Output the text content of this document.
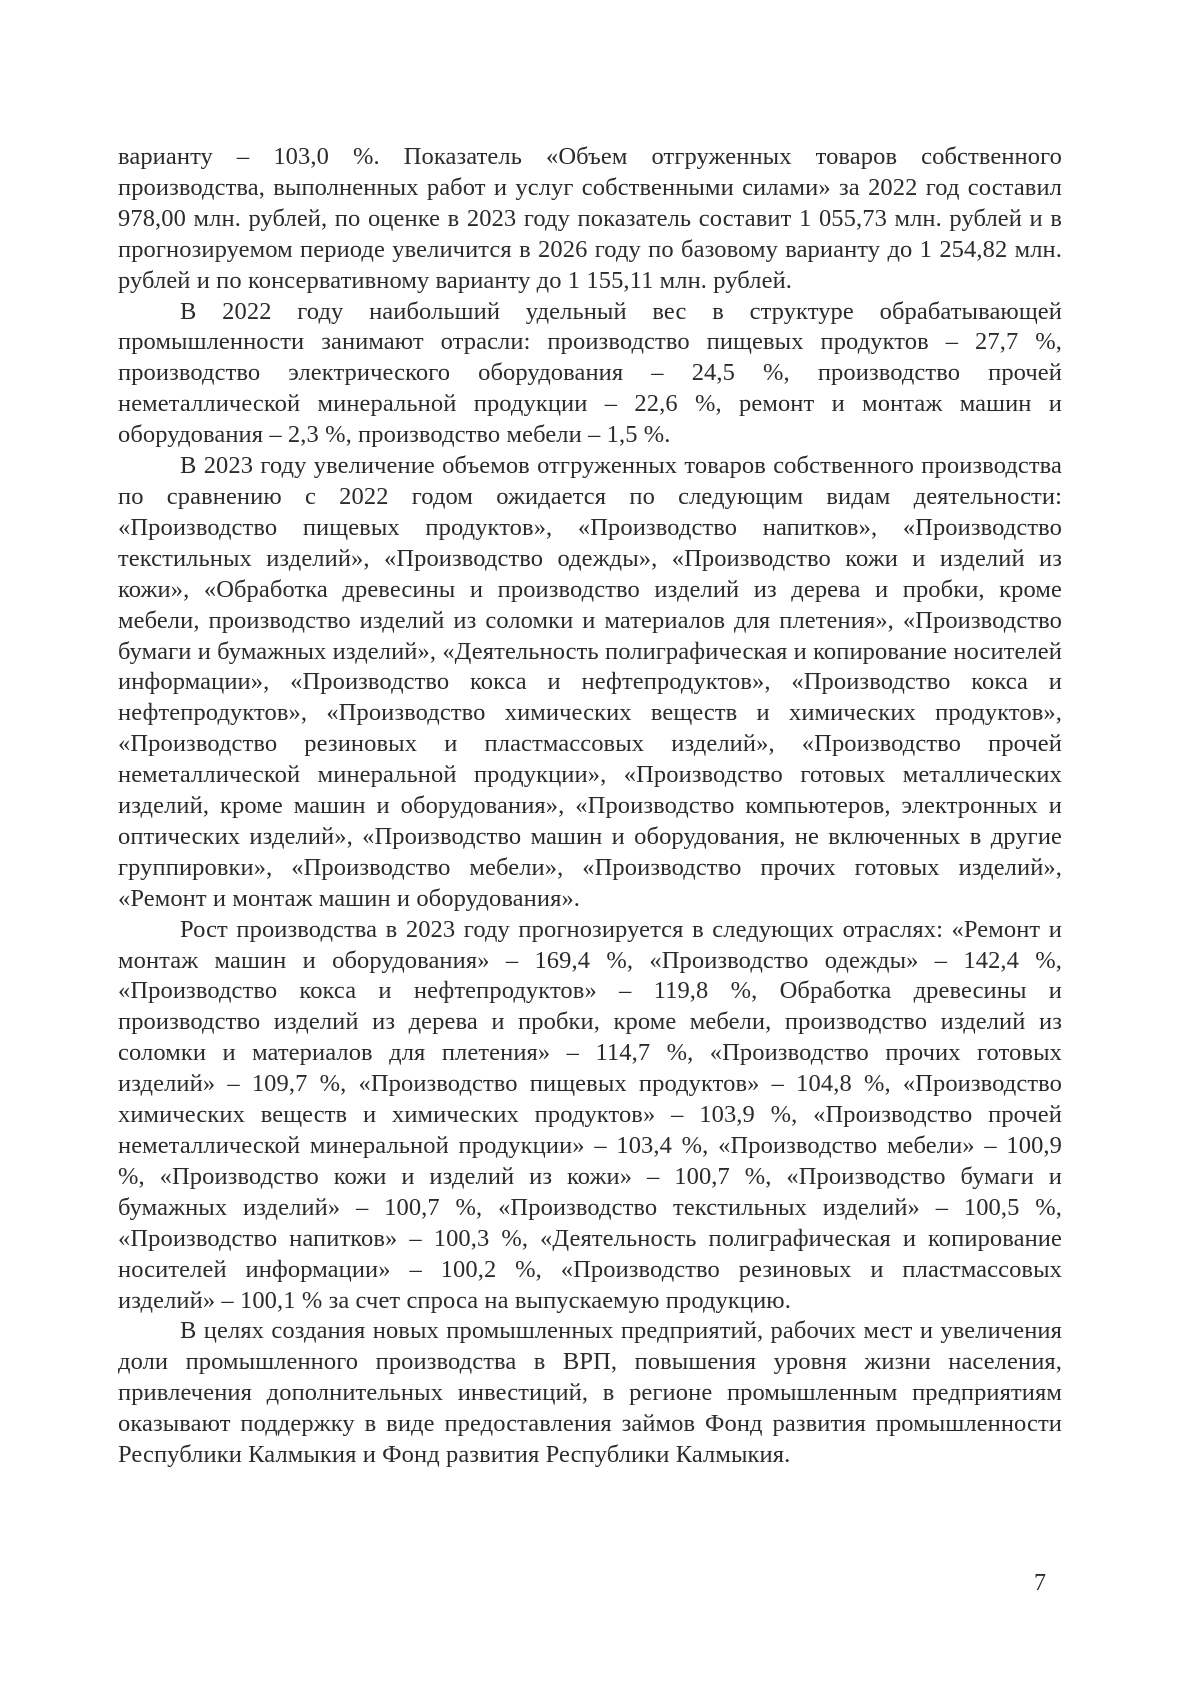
варианту – 103,0 %. Показатель «Объем отгруженных товаров собственного производства, выполненных работ и услуг собственными силами» за 2022 год составил 978,00 млн. рублей, по оценке в 2023 году показатель составит 1 055,73 млн. рублей и в прогнозируемом периоде увеличится в 2026 году по базовому варианту до 1 254,82 млн. рублей и по консервативному варианту до 1 155,11 млн. рублей.

В 2022 году наибольший удельный вес в структуре обрабатывающей промышленности занимают отрасли: производство пищевых продуктов – 27,7 %, производство электрического оборудования – 24,5 %, производство прочей неметаллической минеральной продукции – 22,6 %, ремонт и монтаж машин и оборудования – 2,3 %, производство мебели – 1,5 %.

В 2023 году увеличение объемов отгруженных товаров собственного производства по сравнению с 2022 годом ожидается по следующим видам деятельности: «Производство пищевых продуктов», «Производство напитков», «Производство текстильных изделий», «Производство одежды», «Производство кожи и изделий из кожи», «Обработка древесины и производство изделий из дерева и пробки, кроме мебели, производство изделий из соломки и материалов для плетения», «Производство бумаги и бумажных изделий», «Деятельность полиграфическая и копирование носителей информации», «Производство кокса и нефтепродуктов», «Производство кокса и нефтепродуктов», «Производство химических веществ и химических продуктов», «Производство резиновых и пластмассовых изделий», «Производство прочей неметаллической минеральной продукции», «Производство готовых металлических изделий, кроме машин и оборудования», «Производство компьютеров, электронных и оптических изделий», «Производство машин и оборудования, не включенных в другие группировки», «Производство мебели», «Производство прочих готовых изделий», «Ремонт и монтаж машин и оборудования».

Рост производства в 2023 году прогнозируется в следующих отраслях: «Ремонт и монтаж машин и оборудования» – 169,4 %, «Производство одежды» – 142,4 %, «Производство кокса и нефтепродуктов» – 119,8 %, Обработка древесины и производство изделий из дерева и пробки, кроме мебели, производство изделий из соломки и материалов для плетения» – 114,7 %, «Производство прочих готовых изделий» – 109,7 %, «Производство пищевых продуктов» – 104,8 %, «Производство химических веществ и химических продуктов» – 103,9 %, «Производство прочей неметаллической минеральной продукции» – 103,4 %, «Производство мебели» – 100,9 %, «Производство кожи и изделий из кожи» – 100,7 %, «Производство бумаги и бумажных изделий» – 100,7 %, «Производство текстильных изделий» – 100,5 %, «Производство напитков» – 100,3 %, «Деятельность полиграфическая и копирование носителей информации» – 100,2 %, «Производство резиновых и пластмассовых изделий» – 100,1 % за счет спроса на выпускаемую продукцию.

В целях создания новых промышленных предприятий, рабочих мест и увеличения доли промышленного производства в ВРП, повышения уровня жизни населения, привлечения дополнительных инвестиций, в регионе промышленным предприятиям оказывают поддержку в виде предоставления займов Фонд развития промышленности Республики Калмыкия и Фонд развития Республики Калмыкия.

7
